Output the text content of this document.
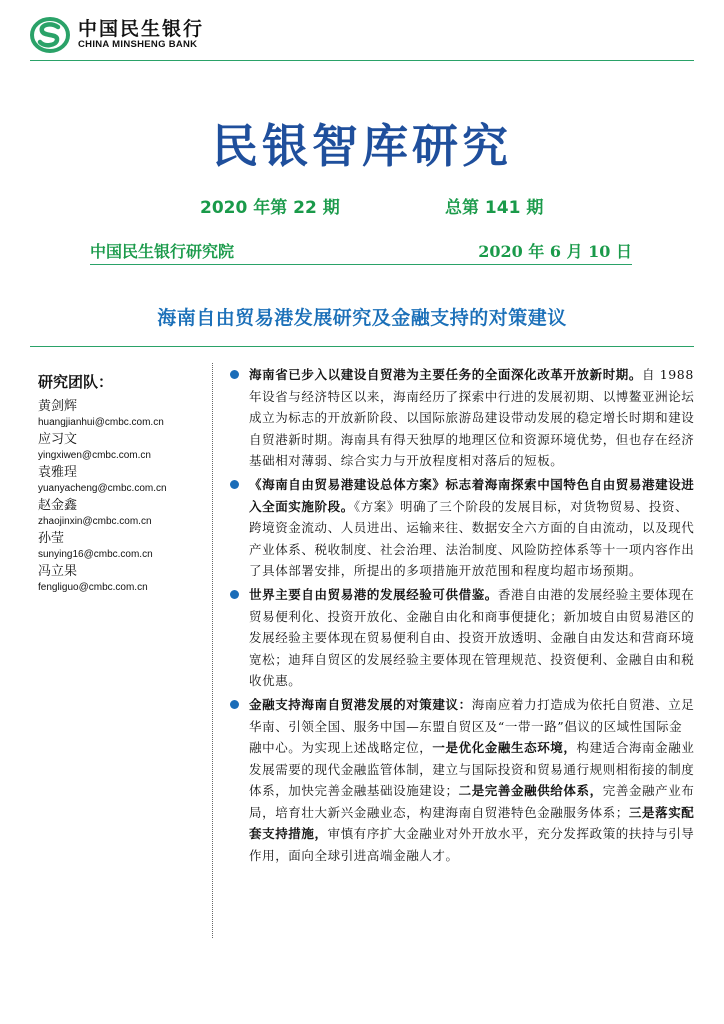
中国民生银行
CHINA MINSHENG BANK
民银智库研究
2020 年第 22 期	总第 141 期
中国民生银行研究院	2020 年 6 月 10 日
海南自由贸易港发展研究及金融支持的对策建议
研究团队：
黄剑辉
huangjianhui@cmbc.com.cn
应习文
yingxiwen@cmbc.com.cn
袁雅珵
yuanyacheng@cmbc.com.cn
赵金鑫
zhaojinxin@cmbc.com.cn
孙莹
sunying16@cmbc.com.cn
冯立果
fengliguo@cmbc.com.cn
海南省已步入以建设自贸港为主要任务的全面深化改革开放新时期。自 1988 年设省与经济特区以来，海南经历了探索中行进的发展初期、以博鳌亚洲论坛成立为标志的开放新阶段、以国际旅游岛建设带动发展的稳定增长时期和建设自贸港新时期。海南具有得天独厚的地理区位和资源环境优势，但也存在经济基础相对薄弱、综合实力与开放程度相对落后的短板。
《海南自由贸易港建设总体方案》标志着海南探索中国特色自由贸易港建设进入全面实施阶段。《方案》明确了三个阶段的发展目标，对货物贸易、投资、跨境资金流动、人员进出、运输来往、数据安全六方面的自由流动，以及现代产业体系、税收制度、社会治理、法治制度、风险防控体系等十一项内容作出了具体部署安排，所提出的多项措施开放范围和程度均超市场预期。
世界主要自由贸易港的发展经验可供借鉴。香港自由港的发展经验主要体现在贸易便利化、投资开放化、金融自由化和商事便捷化；新加坡自由贸易港区的发展经验主要体现在贸易便利自由、投资开放透明、金融自由发达和营商环境宽松；迪拜自贸区的发展经验主要体现在管理规范、投资便利、金融自由和税收优惠。
金融支持海南自贸港发展的对策建议：海南应着力打造成为依托自贸港、立足华南、引领全国、服务中国—东盟自贸区及“一带一路”倡议的区域性国际金融中心。为实现上述战略定位，一是优化金融生态环境，构建适合海南金融业发展需要的现代金融监管体制，建立与国际投资和贸易通行规则相衔接的制度体系，加快完善金融基础设施建设；二是完善金融供给体系，完善金融产业布局，培育壮大新兴金融业态，构建海南自贸港特色金融服务体系；三是落实配套支持措施，审慎有序扩大金融业对外开放水平，充分发挥政策的扶持与引导作用，面向全球引进高端金融人才。
